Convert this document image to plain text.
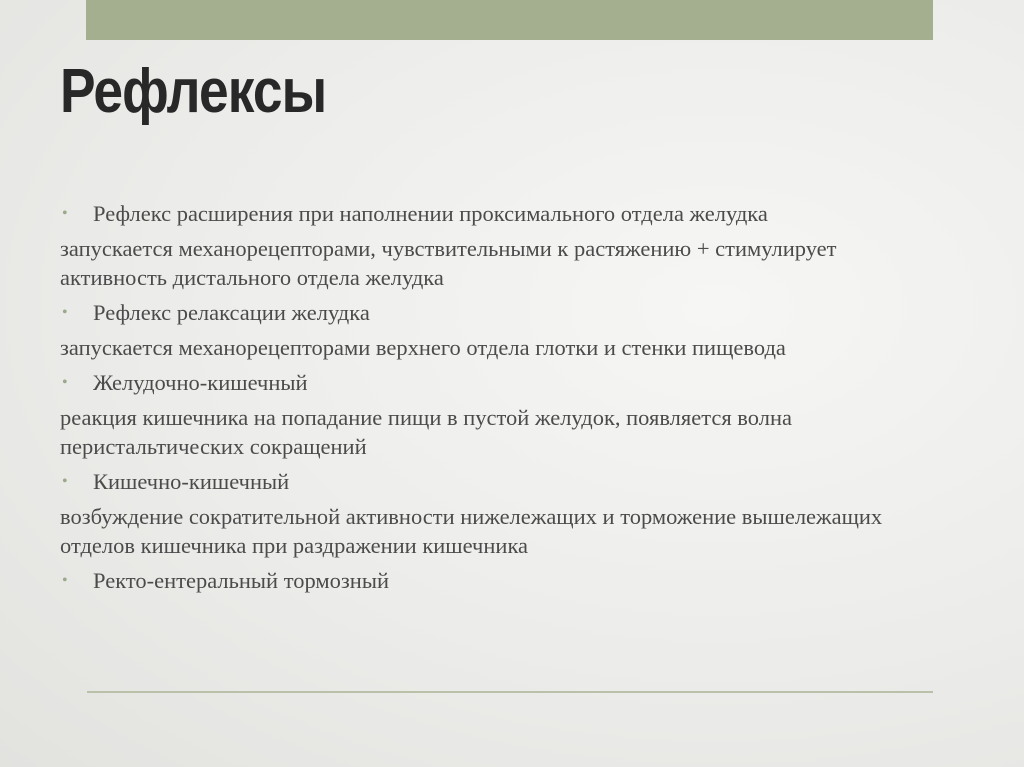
Рефлексы
• Рефлекс расширения при наполнении проксимального отдела желудка
запускается механорецепторами, чувствительными к растяжению + стимулирует активность дистального отдела желудка
• Рефлекс релаксации желудка
запускается механорецепторами верхнего отдела глотки и стенки пищевода
• Желудочно-кишечный
реакция кишечника на попадание пищи в пустой желудок, появляется волна перистальтических сокращений
• Кишечно-кишечный
возбуждение сократительной активности нижележащих и торможение вышележащих отделов кишечника при раздражении кишечника
• Ректо-ентеральный тормозный
